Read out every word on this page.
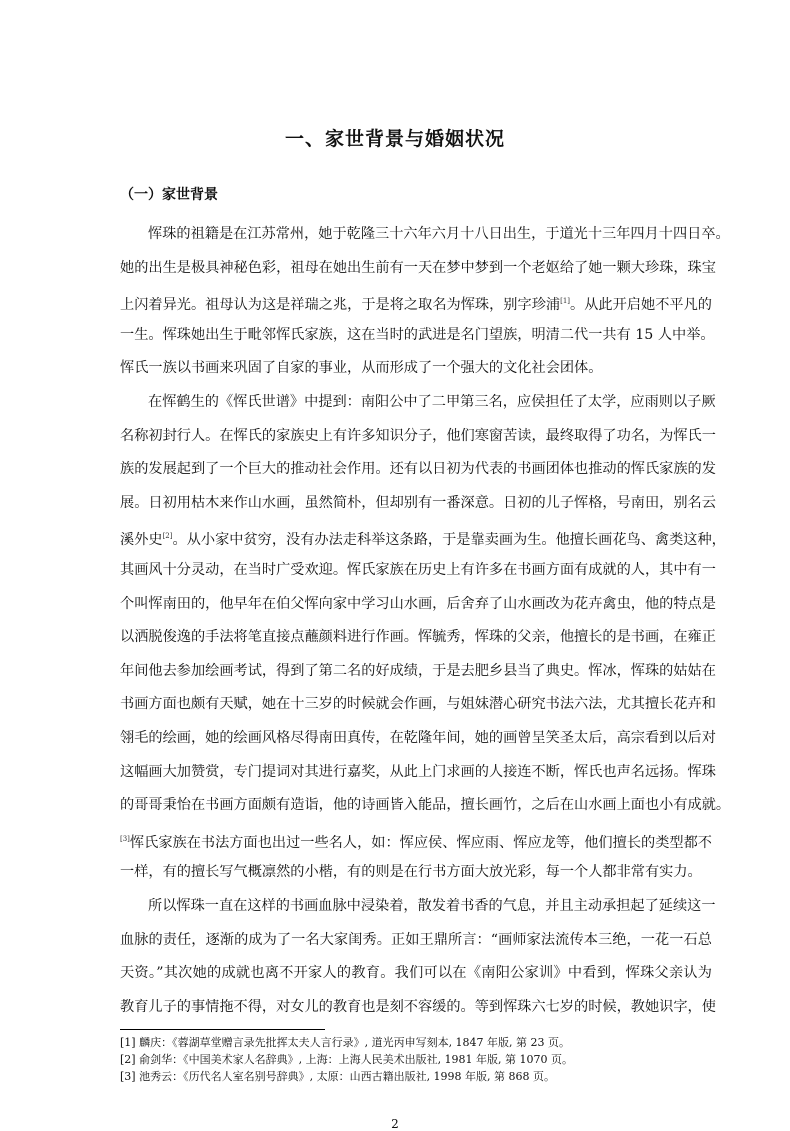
一、家世背景与婚姻状况
（一）家世背景
恽珠的祖籍是在江苏常州，她于乾隆三十六年六月十八日出生，于道光十三年四月十四日卒。
她的出生是极具神秘色彩，祖母在她出生前有一天在梦中梦到一个老妪给了她一颗大珍珠，珠宝
上闪着异光。祖母认为这是祥瑞之兆，于是将之取名为恽珠，别字珍浦[1]。从此开启她不平凡的
一生。恽珠她出生于毗邻恽氏家族，这在当时的武进是名门望族，明清二代一共有 15 人中举。
恽氏一族以书画来巩固了自家的事业，从而形成了一个强大的文化社会团体。
在恽鹤生的《恽氏世谱》中提到：南阳公中了二甲第三名，应侯担任了太学，应雨则以子厥
名称初封行人。在恽氏的家族史上有许多知识分子，他们寒窗苦读，最终取得了功名，为恽氏一
族的发展起到了一个巨大的推动社会作用。还有以日初为代表的书画团体也推动的恽氏家族的发
展。日初用枯木来作山水画，虽然简朴，但却别有一番深意。日初的儿子恽格，号南田，别名云
溪外史[2]。从小家中贫穷，没有办法走科举这条路，于是靠卖画为生。他擅长画花鸟、禽类这种，
其画风十分灵动，在当时广受欢迎。恽氏家族在历史上有许多在书画方面有成就的人，其中有一
个叫恽南田的，他早年在伯父恽向家中学习山水画，后舍弃了山水画改为花卉禽虫，他的特点是
以洒脱俊逸的手法将笔直接点蘸颜料进行作画。恽毓秀，恽珠的父亲，他擅长的是书画，在雍正
年间他去参加绘画考试，得到了第二名的好成绩，于是去肥乡县当了典史。恽冰，恽珠的姑姑在
书画方面也颇有天赋，她在十三岁的时候就会作画，与姐妹潜心研究书法六法，尤其擅长花卉和
翎毛的绘画，她的绘画风格尽得南田真传，在乾隆年间，她的画曾呈笑圣太后，高宗看到以后对
这幅画大加赞赏，专门提词对其进行嘉奖，从此上门求画的人接连不断，恽氏也声名远扬。恽珠
的哥哥秉怡在书画方面颇有造诣，他的诗画皆入能品，擅长画竹，之后在山水画上面也小有成就。
[3]恽氏家族在书法方面也出过一些名人，如：恽应侯、恽应雨、恽应龙等，他们擅长的类型都不
一样，有的擅长写气概凛然的小楷，有的则是在行书方面大放光彩，每一个人都非常有实力。
所以恽珠一直在这样的书画血脉中浸染着，散发着书香的气息，并且主动承担起了延续这一
血脉的责任，逐渐的成为了一名大家闺秀。正如王鼎所言：“画师家法流传本三绝，一花一石总
天资。”其次她的成就也离不开家人的教育。我们可以在《南阳公家训》中看到，恽珠父亲认为
教育儿子的事情拖不得，对女儿的教育也是刻不容缓的。等到恽珠六七岁的时候，教她识字，使
[1] 麟庆：《蓉湖草堂赠言录先批挥太夫人言行录》, 道光丙申写刻本, 1847 年版, 第 23 页。
[2] 俞剑华：《中国美术家人名辞典》, 上海：上海人民美术出版社, 1981 年版, 第 1070 页。
[3] 池秀云：《历代名人室名别号辞典》, 太原：山西古籍出版社, 1998 年版, 第 868 页。
2
